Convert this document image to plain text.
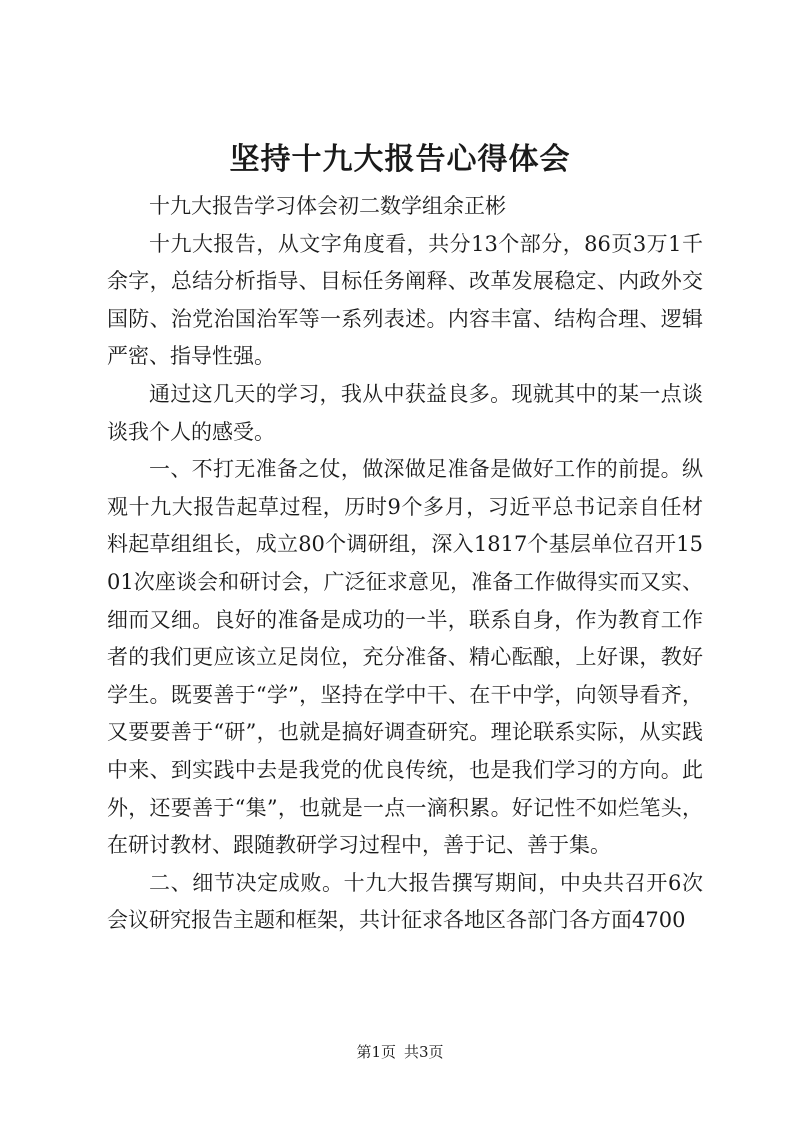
坚持十九大报告心得体会

十九大报告学习体会初二数学组余正彬

十九大报告，从文字角度看，共分13个部分，86页3万1千余字，总结分析指导、目标任务阐释、改革发展稳定、内政外交国防、治党治国治军等一系列表述。内容丰富、结构合理、逻辑严密、指导性强。

通过这几天的学习，我从中获益良多。现就其中的某一点谈谈我个人的感受。

一、不打无准备之仗，做深做足准备是做好工作的前提。纵观十九大报告起草过程，历时9个多月，习近平总书记亲自任材料起草组组长，成立80个调研组，深入1817个基层单位召开1501次座谈会和研讨会，广泛征求意见，准备工作做得实而又实、细而又细。良好的准备是成功的一半，联系自身，作为教育工作者的我们更应该立足岗位，充分准备、精心酝酿，上好课，教好学生。既要善于“学”，坚持在学中干、在干中学，向领导看齐，又要要善于“研”，也就是搞好调查研究。理论联系实际，从实践中来、到实践中去是我党的优良传统，也是我们学习的方向。此外，还要善于“集”，也就是一点一滴积累。好记性不如烂笔头，在研讨教材、跟随教研学习过程中，善于记、善于集。

二、细节决定成败。十九大报告撰写期间，中央共召开6次会议研究报告主题和框架，共计征求各地区各部门各方面4700

第1页 共3页
